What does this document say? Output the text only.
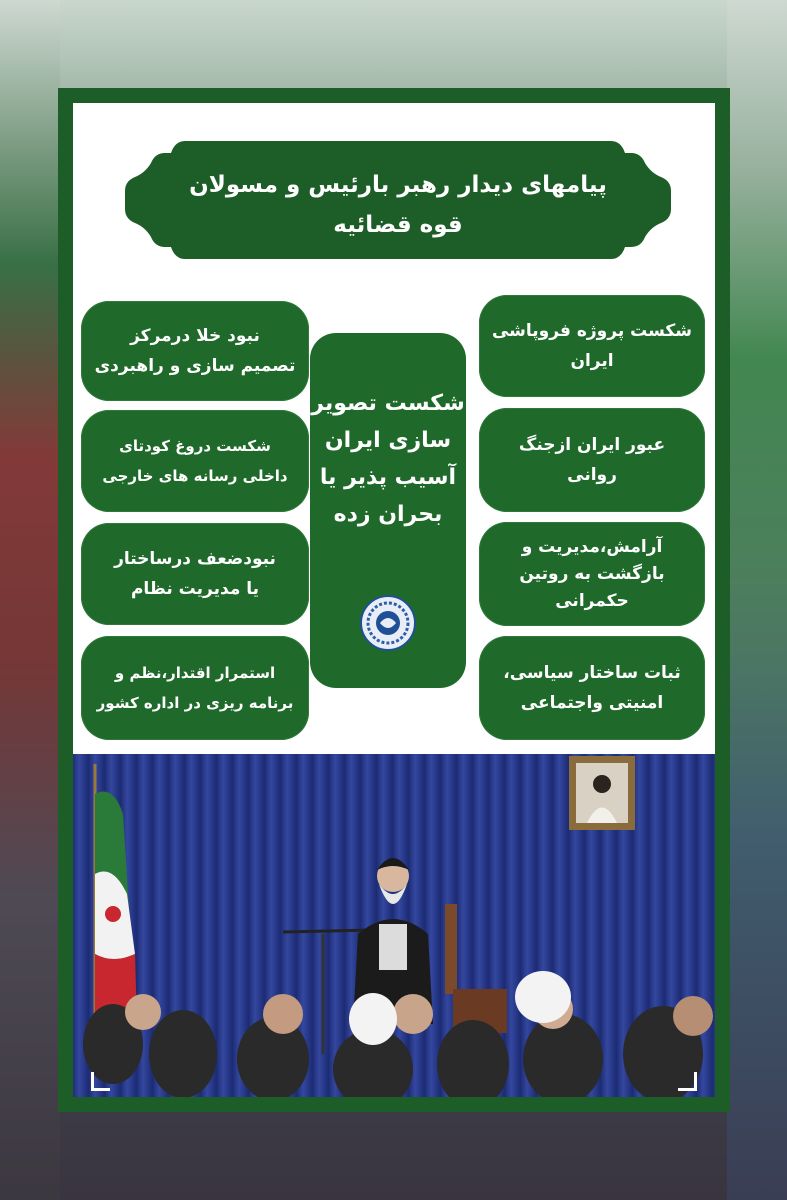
پیامهای دیدار رهبر بارئیس و مسولان
قوه قضائیه
شکست پروژه فروپاشی
ایران
عبور ایران ازجنگ
روانی
آرامش،مدیریت و
بازگشت به روتین
حکمرانی
ثبات ساختار سیاسی،
امنیتی واجتماعی
شکست تصویر سازی ایران آسیب پذیر یا بحران زده
نبود خلا درمرکز
تصمیم سازی و راهبردی
شکست دروغ کودتای
داخلی رسانه های خارجی
نبودضعف درساختار
یا مدیریت نظام
استمرار اقتدار،نظم و
برنامه ریزی در اداره کشور
